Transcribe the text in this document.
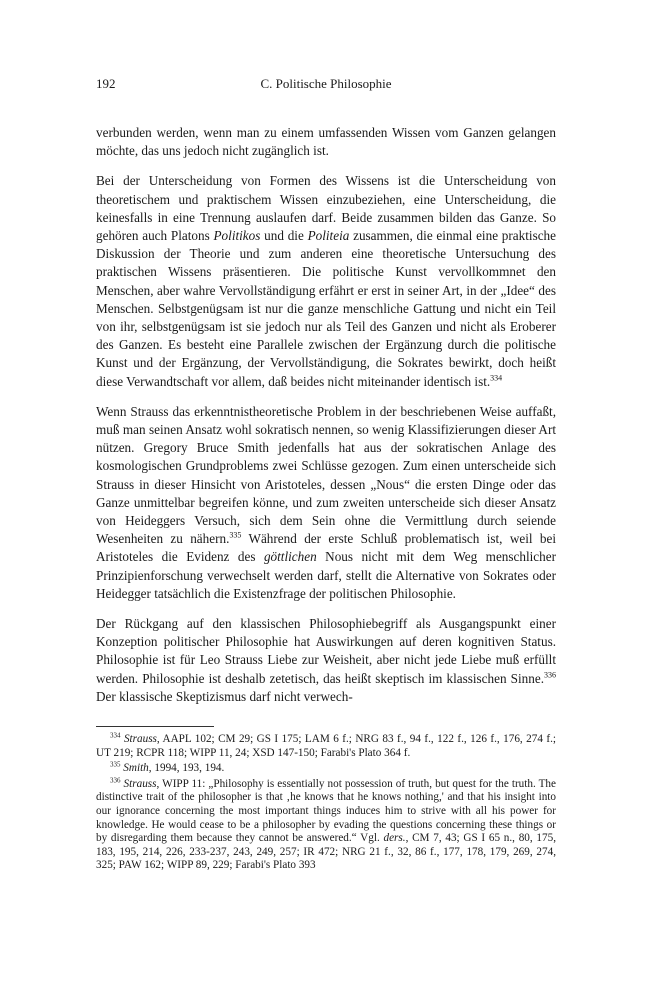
192	C. Politische Philosophie

verbunden werden, wenn man zu einem umfassenden Wissen vom Ganzen gelangen möchte, das uns jedoch nicht zugänglich ist.

Bei der Unterscheidung von Formen des Wissens ist die Unterscheidung von theoretischem und praktischem Wissen einzubeziehen, eine Unterscheidung, die keinesfalls in eine Trennung auslaufen darf. Beide zusammen bilden das Ganze. So gehören auch Platons Politikos und die Politeia zusammen, die einmal eine praktische Diskussion der Theorie und zum anderen eine theoretische Untersuchung des praktischen Wissens präsentieren. Die politische Kunst vervollkommnet den Menschen, aber wahre Vervollständigung erfährt er erst in seiner Art, in der „Idee“ des Menschen. Selbstgenügsam ist nur die ganze menschliche Gattung und nicht ein Teil von ihr, selbstgenügsam ist sie jedoch nur als Teil des Ganzen und nicht als Eroberer des Ganzen. Es besteht eine Parallele zwischen der Ergänzung durch die politische Kunst und der Ergänzung, der Vervollständigung, die Sokrates bewirkt, doch heißt diese Verwandtschaft vor allem, daß beides nicht miteinander identisch ist.$^{334}$

Wenn Strauss das erkenntnistheoretische Problem in der beschriebenen Weise auffaßt, muß man seinen Ansatz wohl sokratisch nennen, so wenig Klassifizierungen dieser Art nützen. Gregory Bruce Smith jedenfalls hat aus der sokratischen Anlage des kosmologischen Grundproblems zwei Schlüsse gezogen. Zum einen unterscheide sich Strauss in dieser Hinsicht von Aristoteles, dessen „Nous“ die ersten Dinge oder das Ganze unmittelbar begreifen könne, und zum zweiten unterscheide sich dieser Ansatz von Heideggers Versuch, sich dem Sein ohne die Vermittlung durch seiende Wesenheiten zu nähern.$^{335}$ Während der erste Schluß problematisch ist, weil bei Aristoteles die Evidenz des göttlichen Nous nicht mit dem Weg menschlicher Prinzipienforschung verwechselt werden darf, stellt die Alternative von Sokrates oder Heidegger tatsächlich die Existenzfrage der politischen Philosophie.

Der Rückgang auf den klassischen Philosophiebegriff als Ausgangspunkt einer Konzeption politischer Philosophie hat Auswirkungen auf deren kognitiven Status. Philosophie ist für Leo Strauss Liebe zur Weisheit, aber nicht jede Liebe muß erfüllt werden. Philosophie ist deshalb zetetisch, das heißt skeptisch im klassischen Sinne.$^{336}$ Der klassische Skeptizismus darf nicht verwech-

$^{334}$ Strauss, AAPL 102; CM 29; GS I 175; LAM 6 f.; NRG 83 f., 94 f., 122 f., 126 f., 176, 274 f.; UT 219; RCPR 118; WIPP 11, 24; XSD 147-150; Farabi's Plato 364 f.

$^{335}$ Smith, 1994, 193, 194.

$^{336}$ Strauss, WIPP 11: „Philosophy is essentially not possession of truth, but quest for the truth. The distinctive trait of the philosopher is that ‚he knows that he knows nothing,' and that his insight into our ignorance concerning the most important things induces him to strive with all his power for knowledge. He would cease to be a philosopher by evading the questions concerning these things or by disregarding them because they cannot be answered.“ Vgl. ders., CM 7, 43; GS I 65 n., 80, 175, 183, 195, 214, 226, 233-237, 243, 249, 257; IR 472; NRG 21 f., 32, 86 f., 177, 178, 179, 269, 274, 325; PAW 162; WIPP 89, 229; Farabi's Plato 393
